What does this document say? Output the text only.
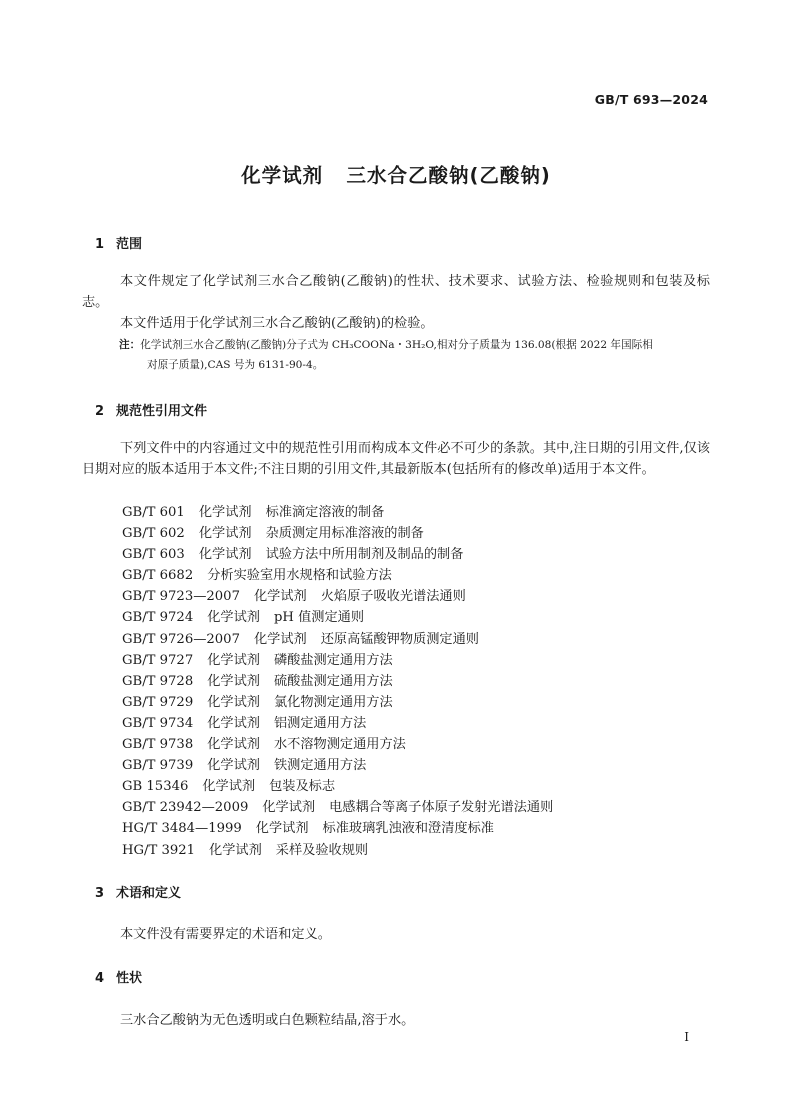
GB/T 693—2024
化学试剂   三水合乙酸钠(乙酸钠)
1 范围
本文件规定了化学试剂三水合乙酸钠(乙酸钠)的性状、技术要求、试验方法、检验规则和包装及标志。
本文件适用于化学试剂三水合乙酸钠(乙酸钠)的检验。
注：化学试剂三水合乙酸钠(乙酸钠)分子式为 CH₃COONa・3H₂O,相对分子质量为 136.08(根据 2022 年国际相
对原子质量),CAS 号为 6131-90-4。
2 规范性引用文件
下列文件中的内容通过文中的规范性引用而构成本文件必不可少的条款。其中,注日期的引用文件,仅该日期对应的版本适用于本文件;不注日期的引用文件,其最新版本(包括所有的修改单)适用于本文件。
GB/T 601 化学试剂 标准滴定溶液的制备
GB/T 602 化学试剂 杂质测定用标准溶液的制备
GB/T 603 化学试剂 试验方法中所用制剂及制品的制备
GB/T 6682 分析实验室用水规格和试验方法
GB/T 9723—2007 化学试剂 火焰原子吸收光谱法通则
GB/T 9724 化学试剂 pH 值测定通则
GB/T 9726—2007 化学试剂 还原高锰酸钾物质测定通则
GB/T 9727 化学试剂 磷酸盐测定通用方法
GB/T 9728 化学试剂 硫酸盐测定通用方法
GB/T 9729 化学试剂 氯化物测定通用方法
GB/T 9734 化学试剂 铝测定通用方法
GB/T 9738 化学试剂 水不溶物测定通用方法
GB/T 9739 化学试剂 铁测定通用方法
GB 15346 化学试剂 包装及标志
GB/T 23942—2009 化学试剂 电感耦合等离子体原子发射光谱法通则
HG/T 3484—1999 化学试剂 标准玻璃乳浊液和澄清度标准
HG/T 3921 化学试剂 采样及验收规则
3 术语和定义
本文件没有需要界定的术语和定义。
4 性状
三水合乙酸钠为无色透明或白色颗粒结晶,溶于水。
I
